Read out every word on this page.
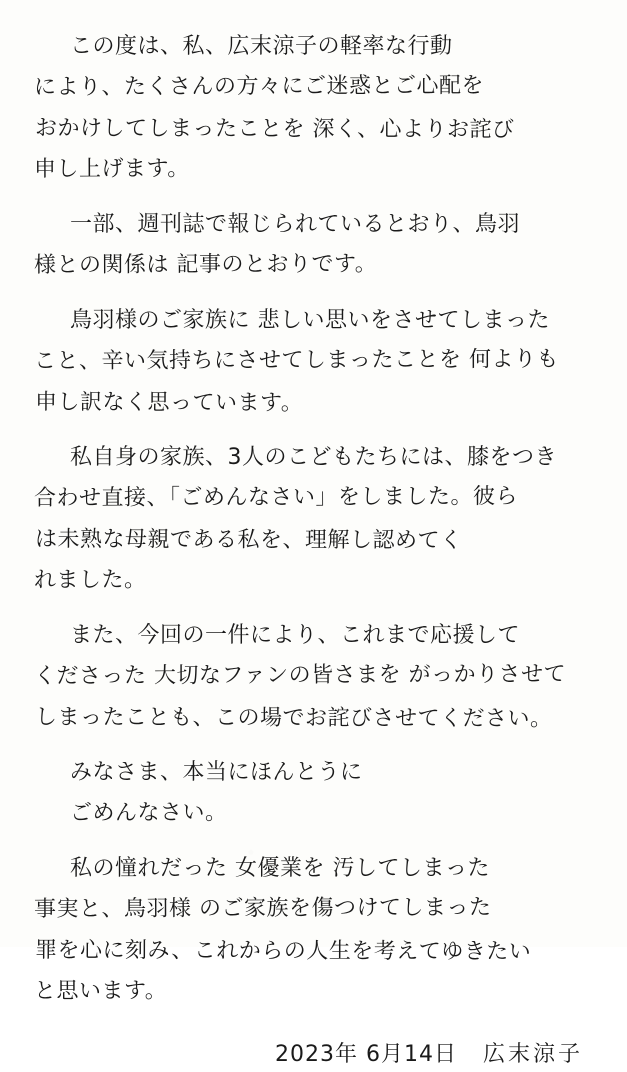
この度は、私、広末涼子の軽率な行動
により、たくさんの方々にご迷惑とご心配を
おかけしてしまったことを 深く、心よりお詫び
申し上げます。
一部、週刊誌で報じられているとおり、鳥羽
様との関係は 記事のとおりです。
鳥羽様のご家族に 悲しい思いをさせてしまった
こと、辛い気持ちにさせてしまったことを 何よりも
申し訳なく思っています。
私自身の家族、3人のこどもたちには、膝をつき
合わせ直接、「ごめんなさい」をしました。彼ら
は未熟な母親である私を、理解し認めてく
れました。
また、今回の一件により、これまで応援して
くださった 大切なファンの皆さまを がっかりさせて
しまったことも、この場でお詫びさせてください。
みなさま、本当にほんとうに
ごめんなさい。
私の憧れだった 女優業を 汚してしまった
事実と、鳥羽様 のご家族を傷つけてしまった
罪を心に刻み、これからの人生を考えてゆきたい
と思います。
2023年 6月14日 広末涼子
